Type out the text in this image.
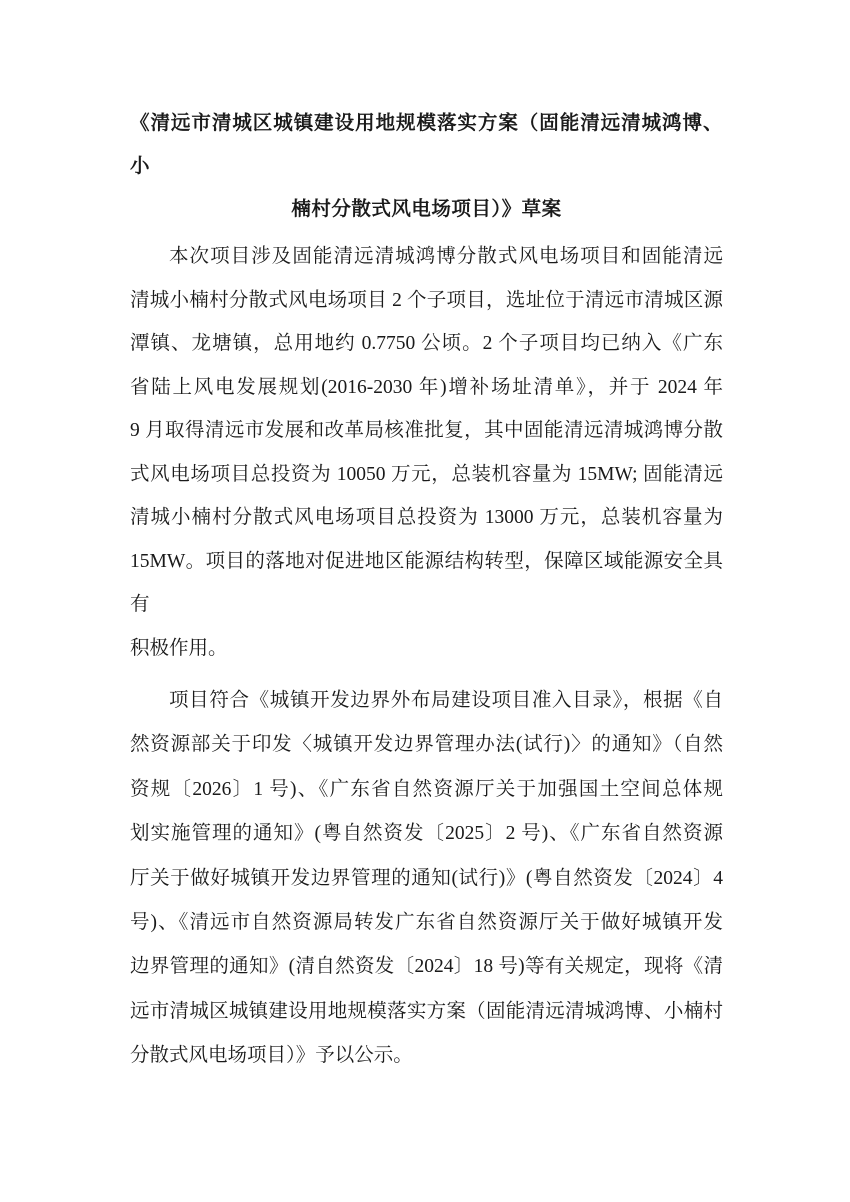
《清远市清城区城镇建设用地规模落实方案（固能清远清城鸿博、小
楠村分散式风电场项目）》草案
本次项目涉及固能清远清城鸿博分散式风电场项目和固能清远
清城小楠村分散式风电场项目 2 个子项目，选址位于清远市清城区源
潭镇、龙塘镇，总用地约 0.7750 公顷。2 个子项目均已纳入《广东
省陆上风电发展规划(2016-2030 年)增补场址清单》，并于 2024 年
9 月取得清远市发展和改革局核准批复，其中固能清远清城鸿博分散
式风电场项目总投资为 10050 万元，总装机容量为 15MW; 固能清远
清城小楠村分散式风电场项目总投资为 13000 万元，总装机容量为
15MW。项目的落地对促进地区能源结构转型，保障区域能源安全具有
积极作用。
项目符合《城镇开发边界外布局建设项目准入目录》，根据《自
然资源部关于印发〈城镇开发边界管理办法(试行)〉的通知》（自然
资规〔2026〕1 号)、《广东省自然资源厅关于加强国土空间总体规
划实施管理的通知》(粤自然资发〔2025〕2 号)、《广东省自然资源
厅关于做好城镇开发边界管理的通知(试行)》(粤自然资发〔2024〕4
号)、《清远市自然资源局转发广东省自然资源厅关于做好城镇开发
边界管理的通知》(清自然资发〔2024〕18 号)等有关规定，现将《清
远市清城区城镇建设用地规模落实方案（固能清远清城鸿博、小楠村
分散式风电场项目）》予以公示。
